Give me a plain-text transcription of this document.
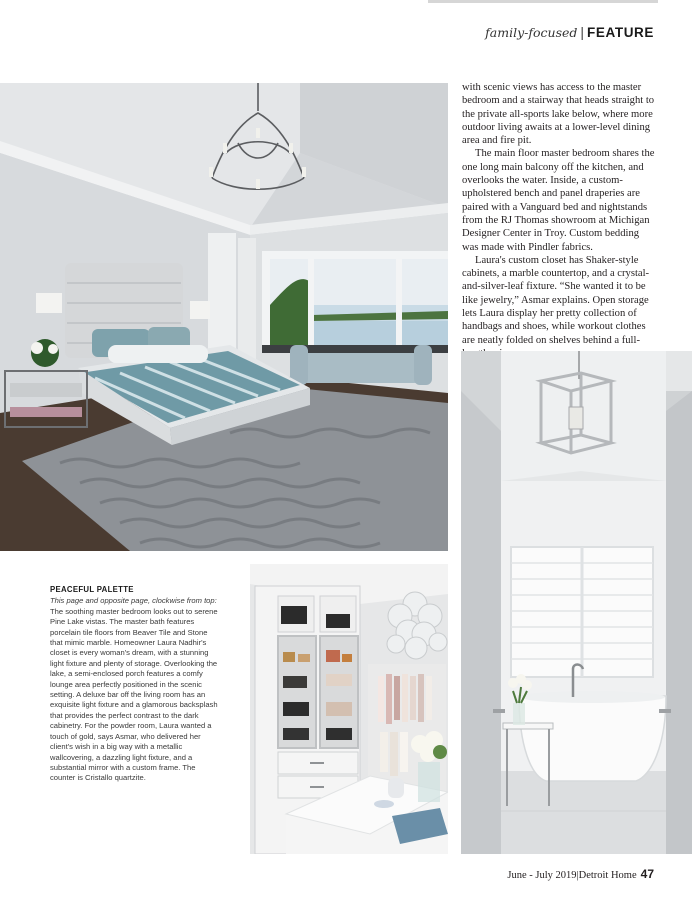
family-focused | FEATURE

with scenic views has access to the master bedroom and a stairway that heads straight to the private all-sports lake below, where more outdoor living awaits at a lower-level dining area and fire pit.

The main floor master bedroom shares the one long main balcony off the kitchen, and overlooks the water. Inside, a custom-upholstered bench and panel draperies are paired with a Vanguard bed and nightstands from the RJ Thomas showroom at Michigan Designer Center in Troy. Custom bedding was made with Pindler fabrics.

Laura's custom closet has Shaker-style cabinets, a marble countertop, and a crystal-and-silver-leaf fixture. “She wanted it to be like jewelry,” Asmar explains. Open storage lets Laura display her pretty collection of handbags and shoes, while workout clothes are neatly folded on shelves behind a full-

PEACEFUL PALETTE
This page and opposite page, clockwise from top: The soothing master bedroom looks out to serene Pine Lake vistas. The master bath features porcelain tile floors from Beaver Tile and Stone that mimic marble. Homeowner Laura Nadhir's closet is every woman's dream, with a stunning light fixture and plenty of storage. Overlooking the lake, a semi-enclosed porch features a comfy lounge area perfectly positioned in the scenic setting. A deluxe bar off the living room has an exquisite light fixture and a glamorous backsplash that provides the perfect contrast to the dark cabinetry. For the powder room, Laura wanted a touch of gold, says Asmar, who delivered her client's wish in a big way with a metallic wallcovering, a dazzling light fixture, and a substantial mirror with a custom frame. The counter is Cristallo quartzite.
June - July 2019|Detroit Home 47
